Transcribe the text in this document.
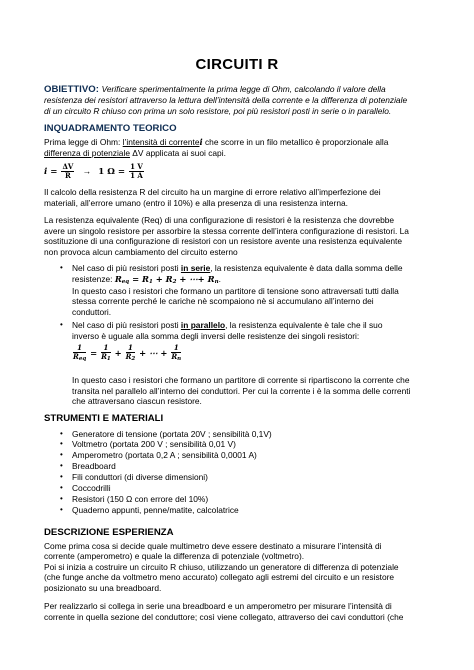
CIRCUITI R
OBIETTIVO: Verificare sperimentalmente la prima legge di Ohm, calcolando il valore della
resistenza dei resistori attraverso la lettura dell’intensità della corrente e la differenza di potenziale
di un circuito R chiuso con prima un solo resistore, poi più resistori posti in serie o in parallelo.
INQUADRAMENTO TEORICO
Prima legge di Ohm: l’intensità di correntei che scorre in un filo metallico è proporzionale alla
differenza di potenziale ΔV applicata ai suoi capi.
$i = \frac{\Delta V}{R} \to 1$ $\Omega = \frac{1 V}{1 A}$
Il calcolo della resistenza R del circuito ha un margine di errore relativo all’imperfezione dei
materiali, all’errore umano (entro il 10%) e alla presenza di una resistenza interna.
La resistenza equivalente (Req) di una configurazione di resistori è la resistenza che dovrebbe
avere un singolo resistore per assorbire la stessa corrente dell’intera configurazione di resistori. La
sostituzione di una configurazione di resistori con un resistore avente una resistenza equivalente
non provoca alcun cambiamento del circuito esterno
• Nel caso di più resistori posti in serie, la resistenza equivalente è data dalla somma delle
resistenze: Req = R1 + R2 + ⋯+ Rn.
In questo caso i resistori che formano un partitore di tensione sono attraversati tutti dalla
stessa corrente perché le cariche nè scompaiono nè si accumulano all’interno dei
conduttori.
• Nel caso di più resistori posti in parallelo, la resistenza equivalente è tale che il suo
inverso è uguale alla somma degli inversi delle resistenze dei singoli resistori:
$\frac{1}{\text{Req}} = \frac{1}{R1} + \frac{1}{R2}$ + ⋯ + $\frac{1}{Rn}$
In questo caso i resistori che formano un partitore di corrente si ripartiscono la corrente che
transita nel parallelo all’interno dei conduttori. Per cui la corrente i è la somma delle correnti
che attraversano ciascun resistore.
STRUMENTI E MATERIALI
• Generatore di tensione (portata 20V ; sensibilità 0,1V)
• Voltmetro (portata 200 V ; sensibilità 0,01 V)
• Amperometro (portata 0,2 A ; sensibilità 0,0001 A)
• Breadboard
• Fili conduttori (di diverse dimensioni)
• Coccodrilli
• Resistori (150 Ω con errore del 10%)
• Quaderno appunti, penne/matite, calcolatrice
DESCRIZIONE ESPERIENZA
Come prima cosa si decide quale multimetro deve essere destinato a misurare l’intensità di
corrente (amperometro) e quale la differenza di potenziale (voltmetro).
Poi si inizia a costruire un circuito R chiuso, utilizzando un generatore di differenza di potenziale
(che funge anche da voltmetro meno accurato) collegato agli estremi del circuito e un resistore
posizionato su una breadboard.
Per realizzarlo si collega in serie una breadboard e un amperometro per misurare l’intensità di
corrente in quella sezione del conduttore; così viene collegato, attraverso dei cavi conduttori (che
